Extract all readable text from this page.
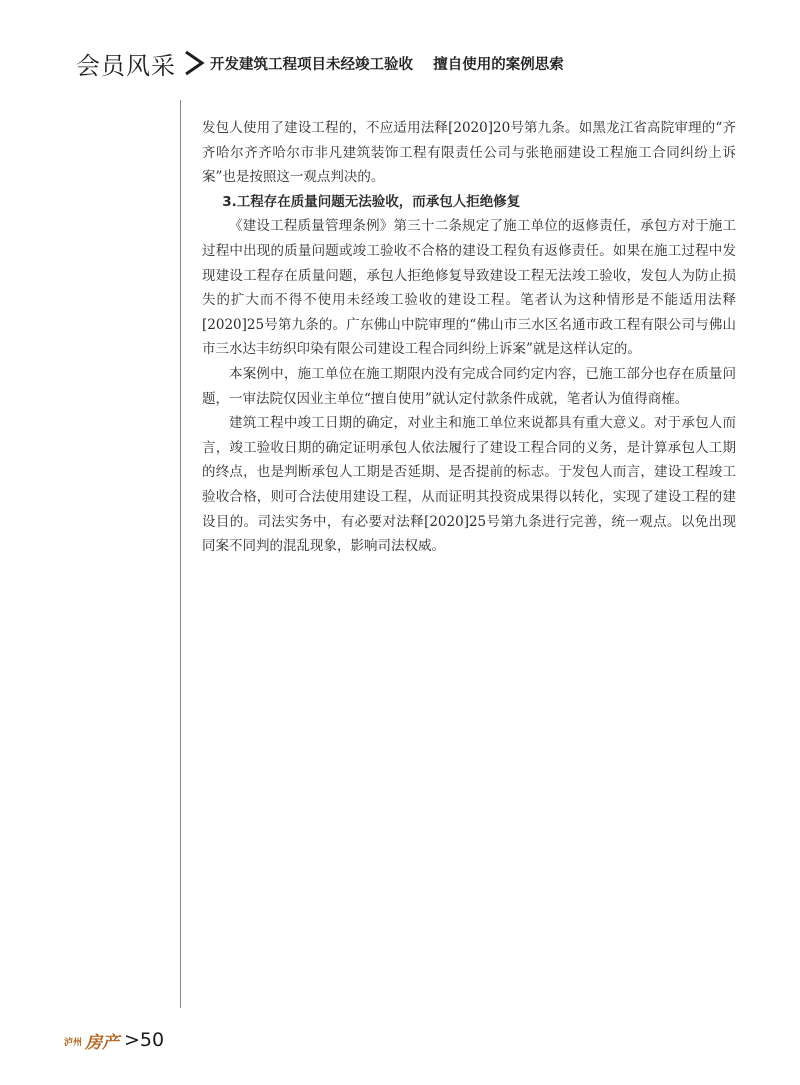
会员风采 开发建筑工程项目未经竣工验收    擅自使用的案例思索

发包人使用了建设工程的，不应适用法释[2020]20号第九条。如黑龙江省高院审理的“齐齐哈尔齐齐哈尔市非凡建筑装饰工程有限责任公司与张艳丽建设工程施工合同纠纷上诉案”也是按照这一观点判决的。

3.工程存在质量问题无法验收，而承包人拒绝修复

《建设工程质量管理条例》第三十二条规定了施工单位的返修责任，承包方对于施工过程中出现的质量问题或竣工验收不合格的建设工程负有返修责任。如果在施工过程中发现建设工程存在质量问题，承包人拒绝修复导致建设工程无法竣工验收，发包人为防止损失的扩大而不得不使用未经竣工验收的建设工程。笔者认为这种情形是不能适用法释[2020]25号第九条的。广东佛山中院审理的“佛山市三水区名通市政工程有限公司与佛山市三水达丰纺织印染有限公司建设工程合同纠纷上诉案”就是这样认定的。

本案例中，施工单位在施工期限内没有完成合同约定内容，已施工部分也存在质量问题，一审法院仅因业主单位“擅自使用”就认定付款条件成就，笔者认为值得商榷。

建筑工程中竣工日期的确定，对业主和施工单位来说都具有重大意义。对于承包人而言，竣工验收日期的确定证明承包人依法履行了建设工程合同的义务，是计算承包人工期的终点，也是判断承包人工期是否延期、是否提前的标志。于发包人而言，建设工程竣工验收合格，则可合法使用建设工程，从而证明其投资成果得以转化，实现了建设工程的建设目的。司法实务中，有必要对法释[2020]25号第九条进行完善，统一观点。以免出现同案不同判的混乱现象，影响司法权威。

泸州 房产 >50
